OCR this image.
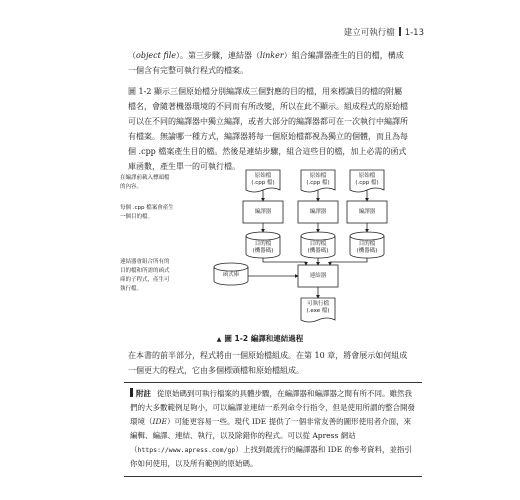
建立可執行檔 1-13

（object file）。第三步驟，連結器（linker）組合編譯器產生的目的檔，構成一個含有完整可執行程式的檔案。

圖 1-2 顯示三個原始檔分別編譯成三個對應的目的檔，用來標識目的檔的附屬檔名，會隨著機器環境的不同而有所改變，所以在此不顯示。組成程式的原始檔可以在不同的編譯器中獨立編譯，或者大部分的編譯器都可在一次執行中編譯所有檔案。無論哪一種方式，編譯器將每一個原始檔都視為獨立的個體，而且為每個 .cpp 檔案產生目的檔。然後是連結步驟，組合這些目的檔，加上必需的函式庫函數，產生單一的可執行檔。

在編譯前載入標頭檔
的內容。
每個 .cpp 檔案會產生
一個目的檔。
連結器會組合所有的
目的檔和所需的函式
庫的子程式，產生可
執行檔。
原始檔
(.cpp 檔)
原始檔
(.cpp 檔)
原始檔
(.cpp 檔)
編譯器	編譯器	編譯器
目的檔
(機器碼)
目的檔
(機器碼)
目的檔
(機器碼)
函式庫	連結器
可執行檔
(.exe 檔)
▲ 圖 1-2 編譯和連結過程
在本書的前半部分，程式將由一個原始檔組成。在第 10 章，將會展示如何組成一個更大的程式，它由多個標頭檔和原始檔組成。
附註 從原始碼到可執行檔案的具體步驟，在編譯器和編譯器之間有所不同。雖然我們的大多數範例足夠小，可以編譯並連結一系列命令行指令，但是使用所謂的整合開發環境（IDE）可能更容易一些。現代 IDE 提供了一個非常友善的圖形使用者介面，來編輯、編譯、連結、執行，以及除錯你的程式。可以從 Apress 網站（https://www.apress.com/gp）上找到最流行的編譯器和 IDE 的參考資料，並指引你如何使用，以及所有範例的原始碼。
